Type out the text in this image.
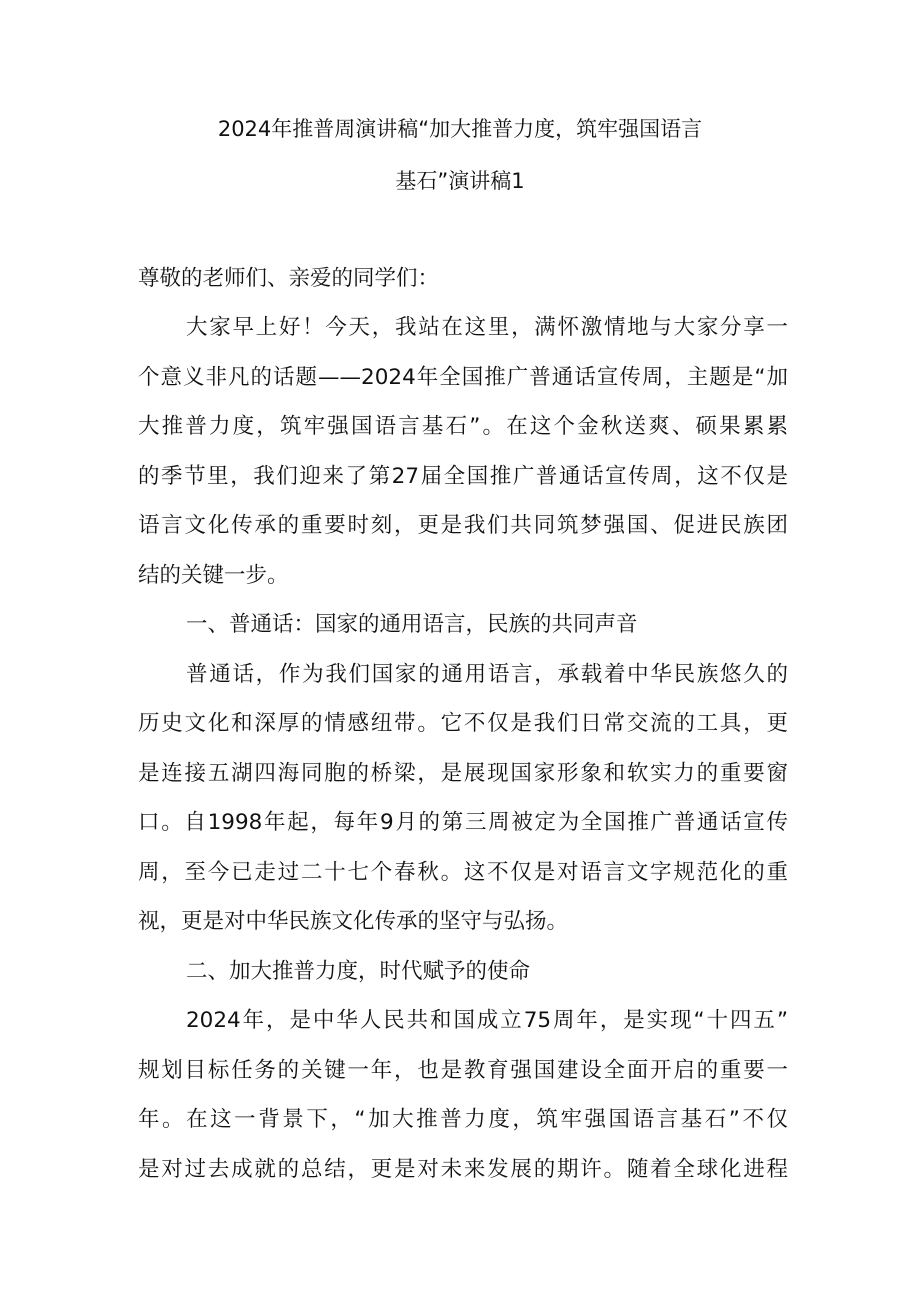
2024年推普周演讲稿“加大推普力度，筑牢强国语言
基石”演讲稿1
尊敬的老师们、亲爱的同学们：
大家早上好！今天，我站在这里，满怀激情地与大家分享一
个意义非凡的话题——2024年全国推广普通话宣传周，主题是“加
大推普力度，筑牢强国语言基石”。在这个金秋送爽、硕果累累
的季节里，我们迎来了第27届全国推广普通话宣传周，这不仅是
语言文化传承的重要时刻，更是我们共同筑梦强国、促进民族团
结的关键一步。
一、普通话：国家的通用语言，民族的共同声音
普通话，作为我们国家的通用语言，承载着中华民族悠久的
历史文化和深厚的情感纽带。它不仅是我们日常交流的工具，更
是连接五湖四海同胞的桥梁，是展现国家形象和软实力的重要窗
口。自1998年起，每年9月的第三周被定为全国推广普通话宣传
周，至今已走过二十七个春秋。这不仅是对语言文字规范化的重
视，更是对中华民族文化传承的坚守与弘扬。
二、加大推普力度，时代赋予的使命
2024年，是中华人民共和国成立75周年，是实现“十四五”
规划目标任务的关键一年，也是教育强国建设全面开启的重要一
年。在这一背景下，“加大推普力度，筑牢强国语言基石”不仅
是对过去成就的总结，更是对未来发展的期许。随着全球化进程
